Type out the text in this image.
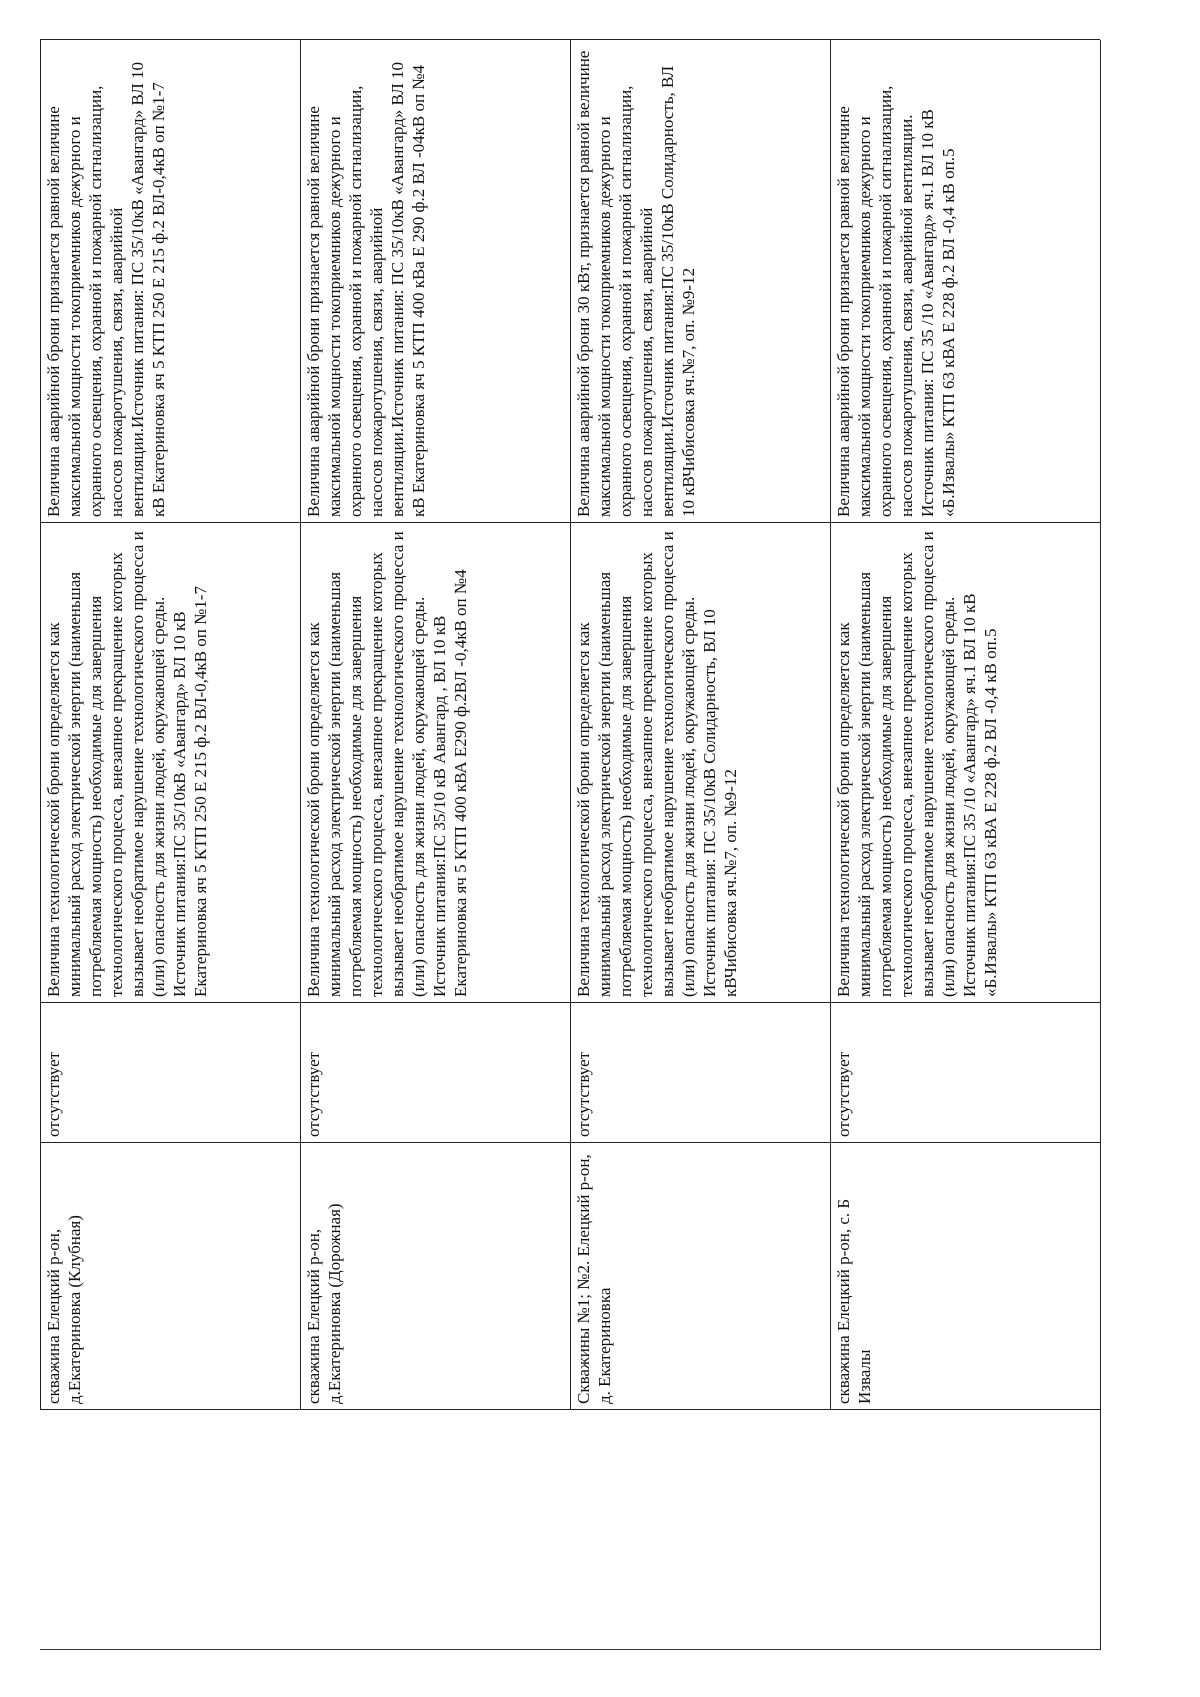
скважина Елецкий р-он, д.Екатериновка (Клубная)
отсутствует
Величина технологической брони определяется как минимальный расход электрической энергии (наименьшая потребляемая мощность) необходимые для завершения технологического процесса, внезапное прекращение которых вызывает необратимое нарушение технологического процесса и (или) опасность для жизни людей, окружающей среды. Источник питания:ПС 35/10кВ «Авангард» ВЛ 10 кВ Екатериновка яч 5 КТП 250 Е 215 ф.2 ВЛ-0,4кВ оп №1-7
Величина аварийной брони признается равной величине максимальной мощности токоприемников дежурного и охранного освещения, охранной и пожарной сигнализации, насосов пожаротушения, связи, аварийной вентиляции.Источник питания: ПС 35/10кВ «Авангард» ВЛ 10 кВ Екатериновка яч 5 КТП 250 Е 215 ф.2 ВЛ-0,4кВ оп №1-7
скважина Елецкий р-он, д.Екатериновка (Дорожная)
отсутствует
Величина технологической брони определяется как минимальный расход электрической энергии (наименьшая потребляемая мощность) необходимые для завершения технологического процесса, внезапное прекращение которых вызывает необратимое нарушение технологического процесса и (или) опасность для жизни людей, окружающей среды. Источник питания:ПС 35/10 кВ Авангард , ВЛ 10 кВ Екатериновка яч 5 КТП 400 кВА Е290 ф.2ВЛ -0,4кВ оп №4
Величина аварийной брони признается равной величине максимальной мощности токоприемников дежурного и охранного освещения, охранной и пожарной сигнализации, насосов пожаротушения, связи, аварийной вентиляции.Источник питания: ПС 35/10кВ «Авангард» ВЛ 10 кВ Екатериновка яч 5 КТП 400 кВа Е 290 ф.2 ВЛ -04кВ оп №4
Скважины №1; №2. Елецкий р-он, д. Екатериновка
отсутствует
Величина технологической брони определяется как минимальный расход электрической энергии (наименьшая потребляемая мощность) необходимые для завершения технологического процесса, внезапное прекращение которых вызывает необратимое нарушение технологического процесса и (или) опасность для жизни людей, окружающей среды. Источник питания: ПС 35/10кВ Солидарность, ВЛ 10 кВЧибисовка яч.№7, оп. №9-12
Величина аварийной брони 30 кВт, признается равной величине максимальной мощности токоприемников дежурного и охранного освещения, охранной и пожарной сигнализации, насосов пожаротушения, связи, аварийной вентиляции.Источник питания:ПС 35/10кВ Солидарность, ВЛ 10 кВЧибисовка яч.№7, оп. №9-12
скважина Елецкий р-он, с. Б Извалы
отсутствует
Величина технологической брони определяется как минимальный расход электрической энергии (наименьшая потребляемая мощность) необходимые для завершения технологического процесса, внезапное прекращение которых вызывает необратимое нарушение технологического процесса и (или) опасность для жизни людей, окружающей среды. Источник питания:ПС 35 /10 «Авангард» яч.1 ВЛ 10 кВ «Б.Извалы» КТП 63 кВА Е 228 ф.2 ВЛ -0,4 кВ оп.5
Величина аварийной брони признается равной величине максимальной мощности токоприемников дежурного и охранного освещения, охранной и пожарной сигнализации, насосов пожаротушения, связи, аварийной вентиляции. Источник питания: ПС 35 /10 «Авангард» яч.1 ВЛ 10 кВ «Б.Извалы» КТП 63 кВА Е 228 ф.2 ВЛ -0,4 кВ оп.5
